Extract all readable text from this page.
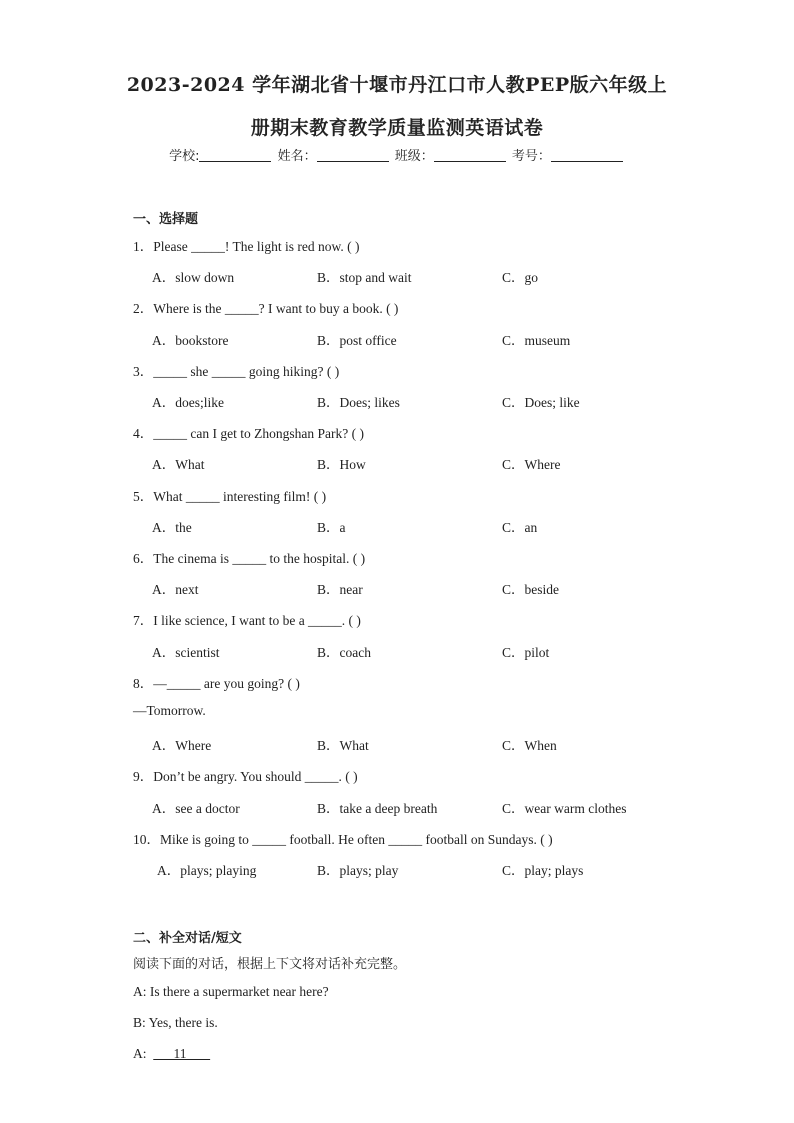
2023-2024 学年湖北省十堰市丹江口市人教PEP版六年级上
册期末教育教学质量监测英语试卷
学校:	姓名：	班级：	考号：
一、选择题
1．Please _____! The light is red now. ( )
A．slow down	B．stop and wait	C．go
2．Where is the _____? I want to buy a book. ( )
A．bookstore	B．post office	C．museum
3．_____ she _____ going hiking? ( )
A．does;like	B．Does; likes	C．Does; like
4．_____ can I get to Zhongshan Park? ( )
A．What	B．How	C．Where
5．What _____ interesting film! ( )
A．the	B．a	C．an
6．The cinema is _____ to the hospital. ( )
A．next	B．near	C．beside
7．I like science, I want to be a _____. ( )
A．scientist	B．coach	C．pilot
8．—_____ are you going? ( )
—Tomorrow.
A．Where	B．What	C．When
9．Don’t be angry. You should _____. ( )
A．see a doctor	B．take a deep breath	C．wear warm clothes
10．Mike is going to _____ football. He often _____ football on Sundays. ( )
A．plays; playing	B．plays; play	C．play; plays
二、补全对话/短文
阅读下面的对话，根据上下文将对话补充完整。
A: Is there a supermarket near here?
B: Yes, there is.
A:        11
